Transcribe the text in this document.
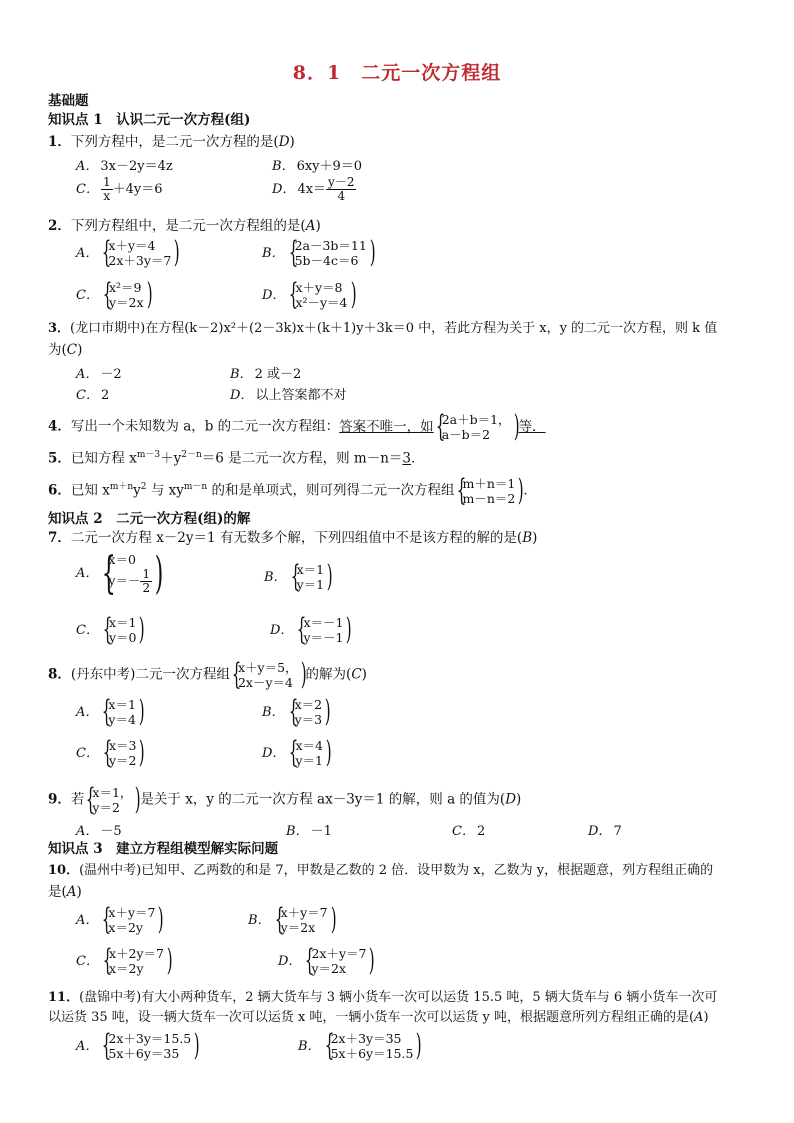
8．1　二元一次方程组
基础题
知识点 1　认识二元一次方程(组)
1．下列方程中，是二元一次方程的是(D)
A． 3x－2y＝4z	B． 6xy＋9＝0
C． $\frac{1}{x} +4y=6$	D． $4x= \frac{y-2}{4}$
2．下列方程组中，是二元一次方程组的是(A)
A． {
x＋y＝4
2x＋3y＝7 )	B． {
2a－3b＝11
5b－4c＝6 )
C． {
x²＝9
y＝2x )	D． {
x＋y＝8
x²－y＝4 )
3．(龙口市期中)在方程(k－2)x²＋(2－3k)x＋(k＋1)y＋3k＝0 中，若此方程为关于 x，y 的二元一次方程，则 k 值
为(C)
A． －2	B． 2 或－2
C． 2	D． 以上答案都不对
4．写出一个未知数为 a，b 的二元一次方程组：答案不唯一，如 {
2a＋b＝1，
a－b＝2 ) 等．
5．已知方程 $x^{m-3}+y^{2-n}=6$ 是二元一次方程，则 m－n＝3．
6．已知 $x^{m+n}y^2$ 与 $xy^{m-n}$ 的和是单项式，则可列得二元一次方程组 {
m＋n＝1
m－n＝2 ) ．
知识点 2　二元一次方程(组)的解
7．二元一次方程 x－2y＝1 有无数多个解，下列四组值中不是该方程的解的是(B)
A． {
x＝0
$y=- \frac{1}{2}$ )	B． {
x＝1
y＝1 )
C． {
x＝1
y＝0 )	D． {
x＝－1
y＝－1 )
8．(丹东中考)二元一次方程组 {
x＋y＝5，
2x－y＝4 ) 的解为(C)
A． {
x＝1
y＝4 )	B． {
x＝2
y＝3 )
C． {
x＝3
y＝2 )	D． {
x＝4
y＝1 )
9．若 {
x＝1，
y＝2 ) 是关于 x，y 的二元一次方程 ax－3y＝1 的解，则 a 的值为(D)
A． －5	B． －1	C． 2	D． 7
知识点 3　建立方程组模型解实际问题
10．(温州中考)已知甲、乙两数的和是 7，甲数是乙数的 2 倍．设甲数为 x，乙数为 y，根据题意，列方程组正确的
是(A)
A． {
x＋y＝7
x＝2y )	B． {
x＋y＝7
y＝2x )
C． {
x＋2y＝7
x＝2y )	D． {
2x＋y＝7
y＝2x )
11．(盘锦中考)有大小两种货车，2 辆大货车与 3 辆小货车一次可以运货 15.5 吨，5 辆大货车与 6 辆小货车一次可
以运货 35 吨，设一辆大货车一次可以运货 x 吨，一辆小货车一次可以运货 y 吨，根据题意所列方程组正确的是(A)
A． {
2x＋3y＝15.5
5x＋6y＝35 )	B． {
2x＋3y＝35
5x＋6y＝15.5 )
